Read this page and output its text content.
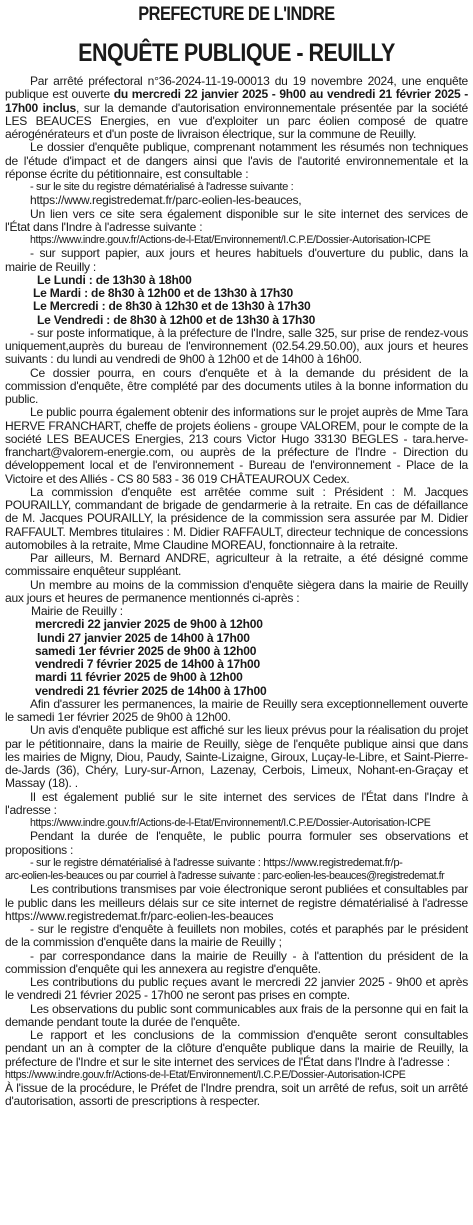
PREFECTURE DE L'INDRE
ENQUÊTE PUBLIQUE - REUILLY

Par arrêté préfectoral n°36-2024-11-19-00013 du 19 novembre 2024, une enquête publique est ouverte du mercredi 22 janvier 2025 - 9h00 au vendredi 21 février 2025 - 17h00 inclus, sur la demande d'autorisation environnementale présentée par la société LES BEAUCES Energies, en vue d'exploiter un parc éolien composé de quatre aérogénérateurs et d'un poste de livraison électrique, sur la commune de Reuilly.

Le dossier d'enquête publique, comprenant notamment les résumés non techniques de l'étude d'impact et de dangers ainsi que l'avis de l'autorité environnementale et la réponse écrite du pétitionnaire, est consultable :

- sur le site du registre dématérialisé à l'adresse suivante :

https://www.registredemat.fr/parc-eolien-les-beauces,

Un lien vers ce site sera également disponible sur le site internet des services de l'État dans l'Indre à l'adresse suivante :

https://www.indre.gouv.fr/Actions-de-l-Etat/Environnement/I.C.P.E/Dossier-Autorisation-ICPE

- sur support papier, aux jours et heures habituels d'ouverture du public, dans la mairie de Reuilly :

Le Lundi : de 13h30 à 18h00
Le Mardi : de 8h30 à 12h00 et de 13h30 à 17h30
Le Mercredi : de 8h30 à 12h30 et de 13h30 à 17h30
Le Vendredi : de 8h30 à 12h00 et de 13h30 à 17h30

- sur poste informatique, à la préfecture de l'Indre, salle 325, sur prise de rendez-vous uniquement,auprès du bureau de l'environnement (02.54.29.50.00), aux jours et heures suivants : du lundi au vendredi de 9h00 à 12h00 et de 14h00 à 16h00.

Ce dossier pourra, en cours d'enquête et à la demande du président de la commission d'enquête, être complété par des documents utiles à la bonne information du public.

Le public pourra également obtenir des informations sur le projet auprès de Mme Tara HERVE FRANCHART, cheffe de projets éoliens - groupe VALOREM, pour le compte de la société LES BEAUCES Energies, 213 cours Victor Hugo 33130 BEGLES - tara.herve-franchart@valorem-energie.com, ou auprès de la préfecture de l'Indre - Direction du développement local et de l'environnement - Bureau de l'environnement - Place de la Victoire et des Alliés - CS 80 583 - 36 019 CHÂTEAUROUX Cedex.

La commission d'enquête est arrêtée comme suit : Président : M. Jacques POURAILLY, commandant de brigade de gendarmerie à la retraite. En cas de défaillance de M. Jacques POURAILLY, la présidence de la commission sera assurée par M. Didier RAFFAULT. Membres titulaires : M. Didier RAFFAULT, directeur technique de concessions automobiles à la retraite, Mme Claudine MOREAU, fonctionnaire à la retraite.

Par ailleurs, M. Bernard ANDRE, agriculteur à la retraite, a été désigné comme commissaire enquêteur suppléant.

Un membre au moins de la commission d'enquête siègera dans la mairie de Reuilly aux jours et heures de permanence mentionnés ci-après :

Mairie de Reuilly :
mercredi 22 janvier 2025 de 9h00 à 12h00
lundi 27 janvier 2025 de 14h00 à 17h00
samedi 1er février 2025 de 9h00 à 12h00
vendredi 7 février 2025 de 14h00 à 17h00
mardi 11 février 2025 de 9h00 à 12h00
vendredi 21 février 2025 de 14h00 à 17h00

Afin d'assurer les permanences, la mairie de Reuilly sera exceptionnellement ouverte le samedi 1er février 2025 de 9h00 à 12h00.

Un avis d'enquête publique est affiché sur les lieux prévus pour la réalisation du projet par le pétitionnaire, dans la mairie de Reuilly, siège de l'enquête publique ainsi que dans les mairies de Migny, Diou, Paudy, Sainte-Lizaigne, Giroux, Luçay-le-Libre, et Saint-Pierre-de-Jards (36), Chéry, Lury-sur-Arnon, Lazenay, Cerbois, Limeux, Nohant-en-Graçay et Massay (18). .

Il est également publié sur le site internet des services de l'État dans l'Indre à l'adresse :

https://www.indre.gouv.fr/Actions-de-l-Etat/Environnement/I.C.P.E/Dossier-Autorisation-ICPE

Pendant la durée de l'enquête, le public pourra formuler ses observations et propositions :

- sur le registre dématérialisé à l'adresse suivante : https://www.registredemat.fr/p-

arc-eolien-les-beauces ou par courriel à l'adresse suivante : parc-eolien-les-beauces@registredemat.fr

Les contributions transmises par voie électronique seront publiées et consultables par le public dans les meilleurs délais sur ce site internet de registre dématérialisé à l'adresse https://www.registredemat.fr/parc-eolien-les-beauces

- sur le registre d'enquête à feuillets non mobiles, cotés et paraphés par le président de la commission d'enquête dans la mairie de Reuilly ;

- par correspondance dans la mairie de Reuilly - à l'attention du président de la commission d'enquête qui les annexera au registre d'enquête.

Les contributions du public reçues avant le mercredi 22 janvier 2025 - 9h00 et après le vendredi 21 février 2025 - 17h00 ne seront pas prises en compte.

Les observations du public sont communicables aux frais de la personne qui en fait la demande pendant toute la durée de l'enquête.

Le rapport et les conclusions de la commission d'enquête seront consultables pendant un an à compter de la clôture d'enquête publique dans la mairie de Reuilly, la préfecture de l'Indre et sur le site internet des services de l'État dans l'Indre à l'adresse :

https://www.indre.gouv.fr/Actions-de-l-Etat/Environnement/I.C.P.E/Dossier-Autorisation-ICPE

À l'issue de la procédure, le Préfet de l'Indre prendra, soit un arrêté de refus, soit un arrêté d'autorisation, assorti de prescriptions à respecter.
